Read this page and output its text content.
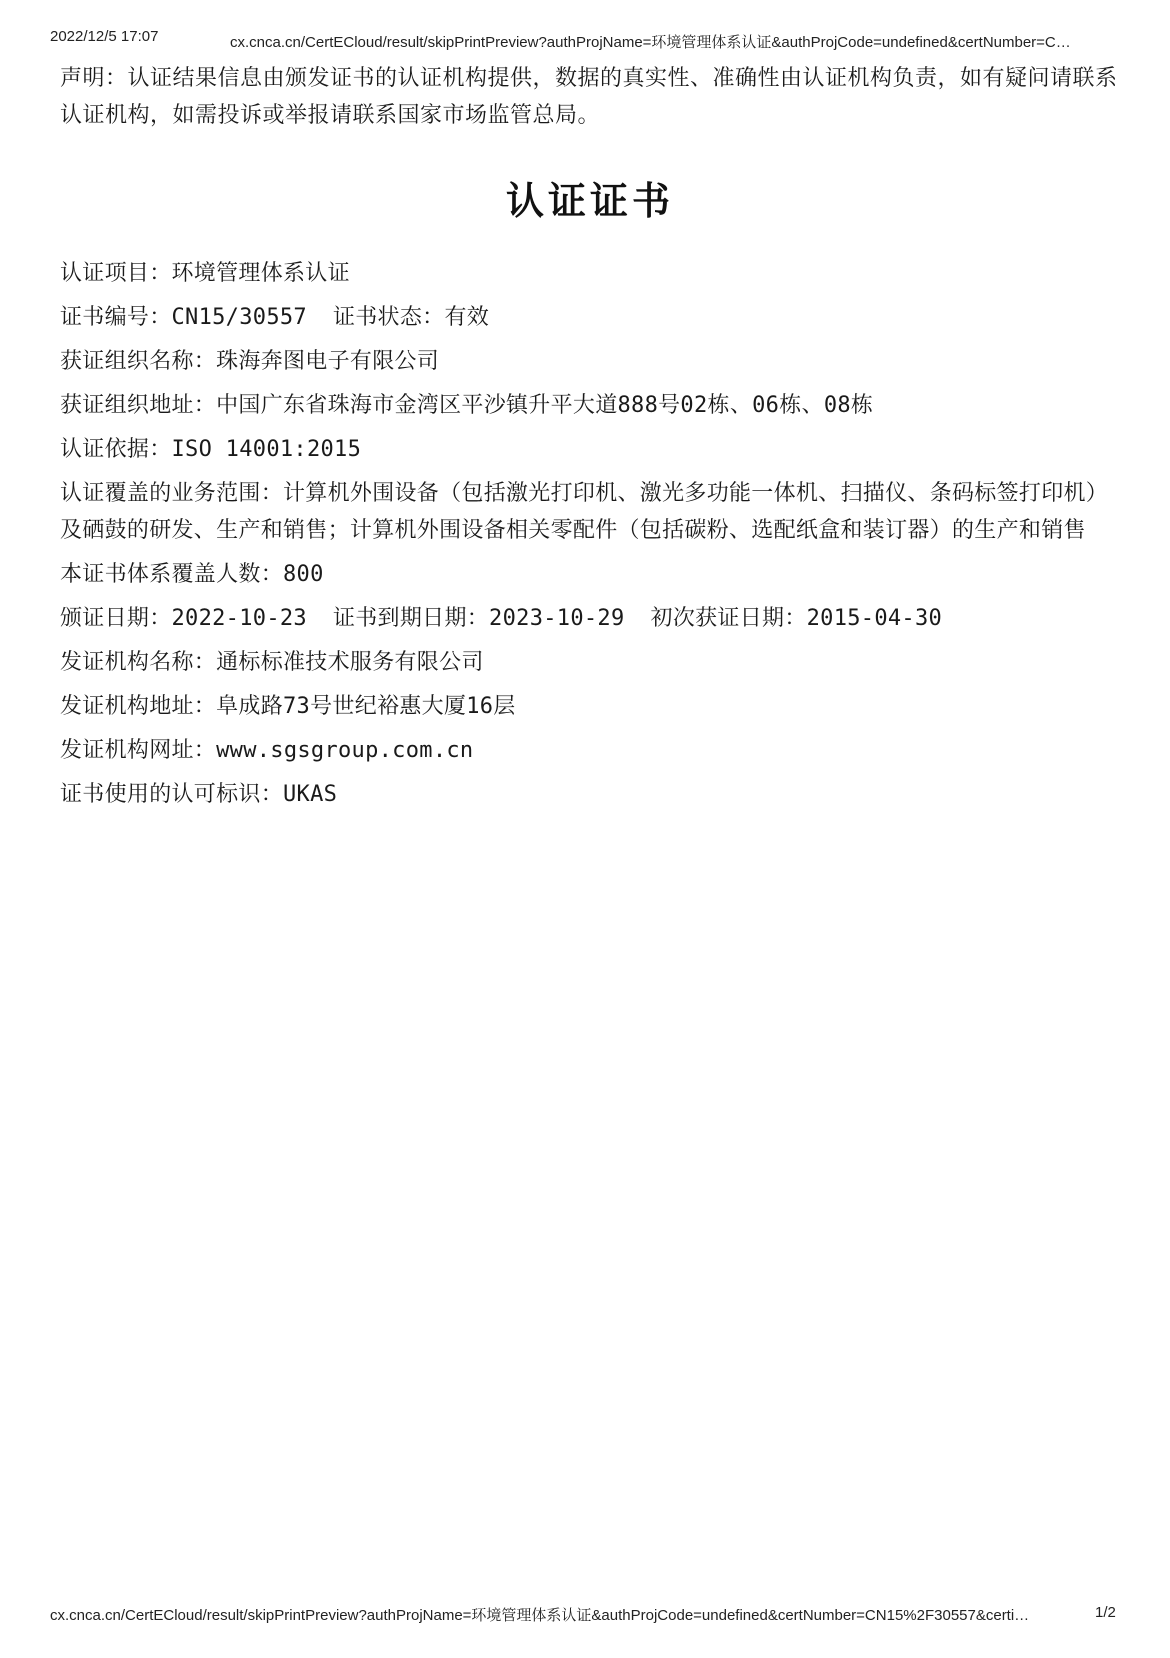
2022/12/5 17:07	cx.cnca.cn/CertECloud/result/skipPrintPreview?authProjName=环境管理体系认证&authProjCode=undefined&certNumber=C…
声明：认证结果信息由颁发证书的认证机构提供，数据的真实性、准确性由认证机构负责，如有疑问请联系认证机构，如需投诉或举报请联系国家市场监管总局。
认证证书
认证项目：环境管理体系认证
证书编号：CN15/30557 证书状态：有效
获证组织名称：珠海奔图电子有限公司
获证组织地址：中国广东省珠海市金湾区平沙镇升平大道888号02栋、06栋、08栋
认证依据：ISO 14001:2015
认证覆盖的业务范围：计算机外围设备（包括激光打印机、激光多功能一体机、扫描仪、条码标签打印机）及硒鼓的研发、生产和销售；计算机外围设备相关零配件（包括碳粉、选配纸盒和装订器）的生产和销售
本证书体系覆盖人数：800
颁证日期：2022-10-23 证书到期日期：2023-10-29 初次获证日期：2015-04-30
发证机构名称：通标标准技术服务有限公司
发证机构地址：阜成路73号世纪裕惠大厦16层
发证机构网址：www.sgsgroup.com.cn
证书使用的认可标识：UKAS
cx.cnca.cn/CertECloud/result/skipPrintPreview?authProjName=环境管理体系认证&authProjCode=undefined&certNumber=CN15%2F30557&certi…	1/2
